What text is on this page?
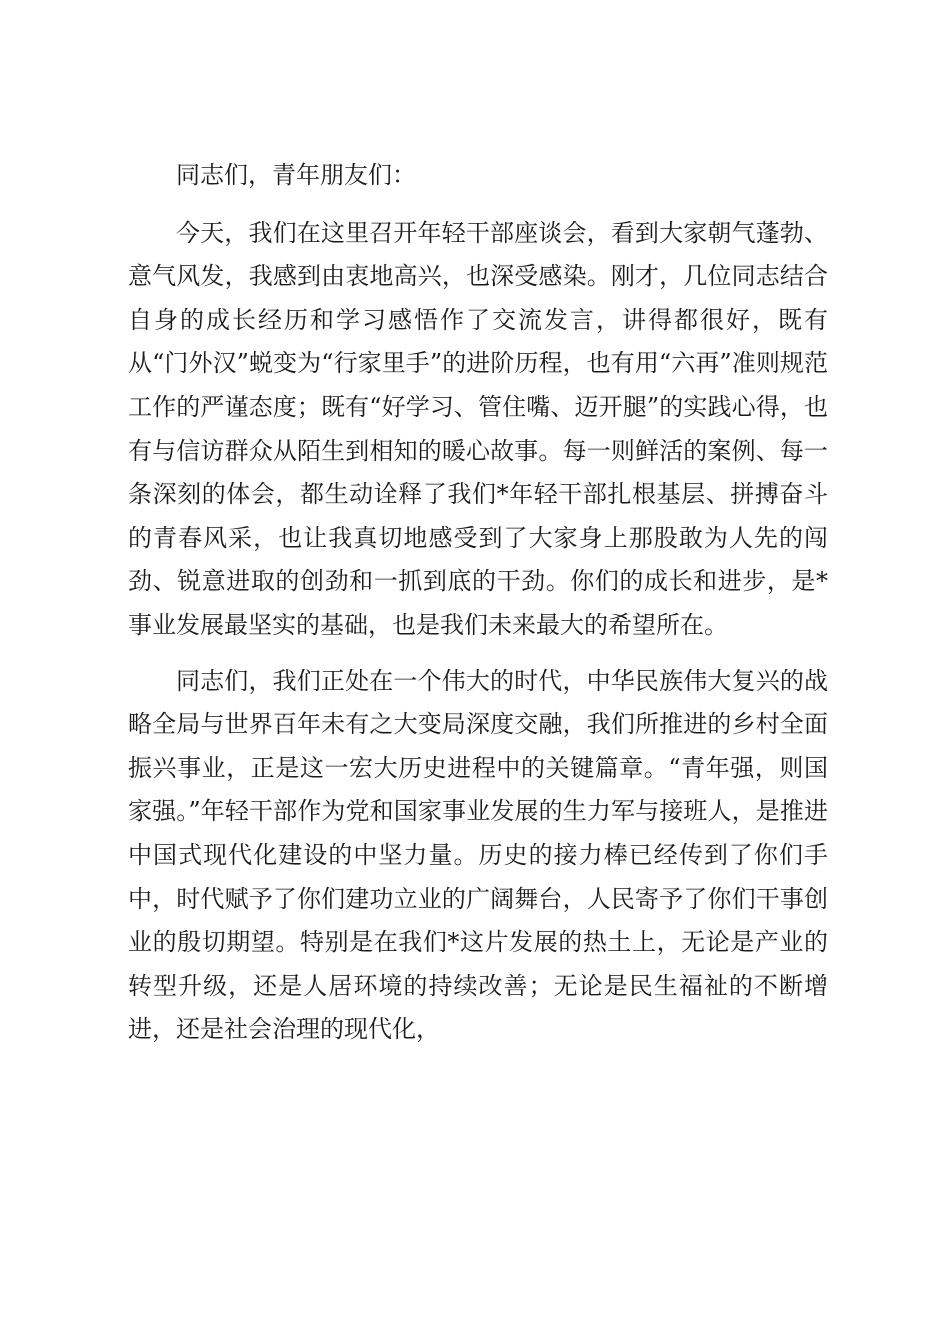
同志们，青年朋友们：

今天，我们在这里召开年轻干部座谈会，看到大家朝气蓬勃、意气风发，我感到由衷地高兴，也深受感染。刚才，几位同志结合自身的成长经历和学习感悟作了交流发言，讲得都很好，既有从“门外汉”蜕变为“行家里手”的进阶历程，也有用“六再”准则规范工作的严谨态度；既有“好学习、管住嘴、迈开腿”的实践心得，也有与信访群众从陌生到相知的暖心故事。每一则鲜活的案例、每一条深刻的体会，都生动诠释了我们*年轻干部扎根基层、拼搏奋斗的青春风采，也让我真切地感受到了大家身上那股敢为人先的闯劲、锐意进取的创劲和一抓到底的干劲。你们的成长和进步，是*事业发展最坚实的基础，也是我们未来最大的希望所在。

同志们，我们正处在一个伟大的时代，中华民族伟大复兴的战略全局与世界百年未有之大变局深度交融，我们所推进的乡村全面振兴事业，正是这一宏大历史进程中的关键篇章。“青年强，则国家强。”年轻干部作为党和国家事业发展的生力军与接班人，是推进中国式现代化建设的中坚力量。历史的接力棒已经传到了你们手中，时代赋予了你们建功立业的广阔舞台，人民寄予了你们干事创业的殷切期望。特别是在我们*这片发展的热土上，无论是产业的转型升级，还是人居环境的持续改善；无论是民生福祉的不断增进，还是社会治理的现代化，
